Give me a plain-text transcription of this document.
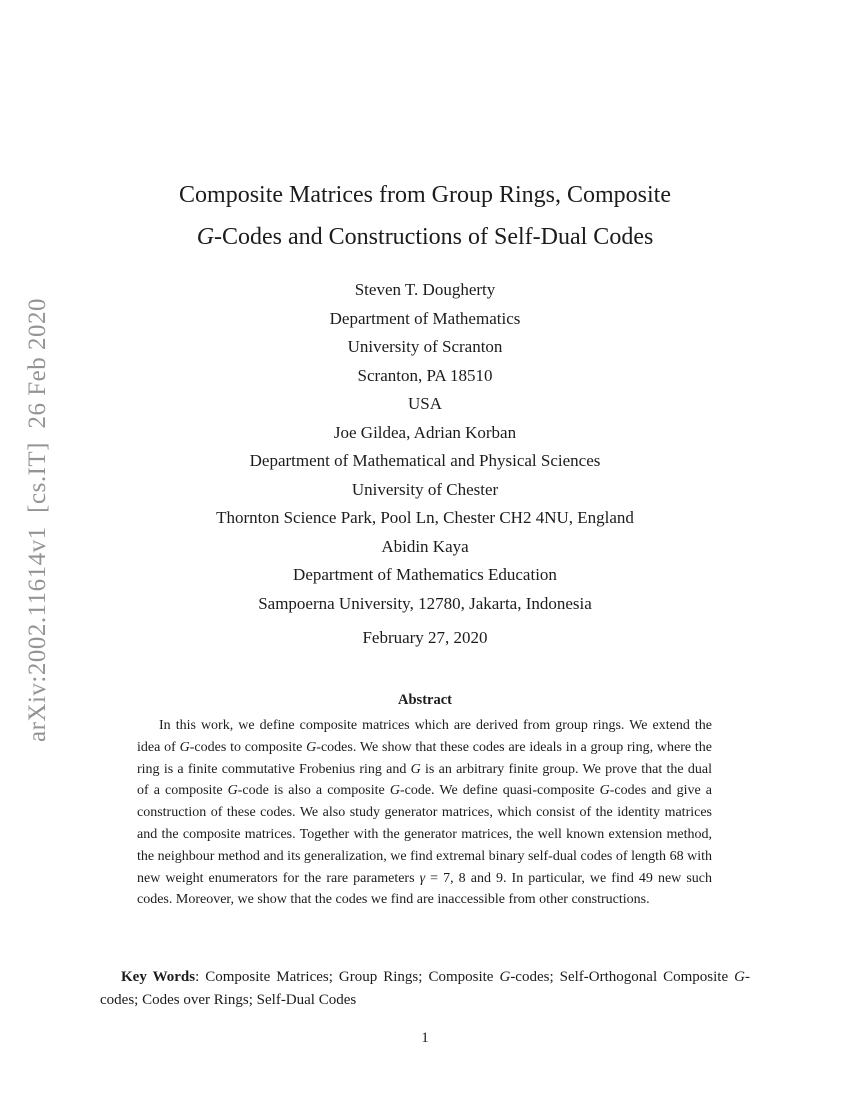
arXiv:2002.11614v1  [cs.IT]  26 Feb 2020
Composite Matrices from Group Rings, Composite
G-Codes and Constructions of Self-Dual Codes
Steven T. Dougherty
Department of Mathematics
University of Scranton
Scranton, PA 18510
USA
Joe Gildea, Adrian Korban
Department of Mathematical and Physical Sciences
University of Chester
Thornton Science Park, Pool Ln, Chester CH2 4NU, England
Abidin Kaya
Department of Mathematics Education
Sampoerna University, 12780, Jakarta, Indonesia
February 27, 2020
Abstract

In this work, we define composite matrices which are derived from group rings. We extend the idea of G-codes to composite G-codes. We show that these codes are ideals in a group ring, where the ring is a finite commutative Frobenius ring and G is an arbitrary finite group. We prove that the dual of a composite G-code is also a composite G-code. We define quasi-composite G-codes and give a construction of these codes. We also study generator matrices, which consist of the identity matrices and the composite matrices. Together with the generator matrices, the well known extension method, the neighbour method and its generalization, we find extremal binary self-dual codes of length 68 with new weight enumerators for the rare parameters γ = 7, 8 and 9. In particular, we find 49 new such codes. Moreover, we show that the codes we find are inaccessible from other constructions.

Key Words: Composite Matrices; Group Rings; Composite G-codes; Self-Orthogonal Composite G-codes; Codes over Rings; Self-Dual Codes

1
